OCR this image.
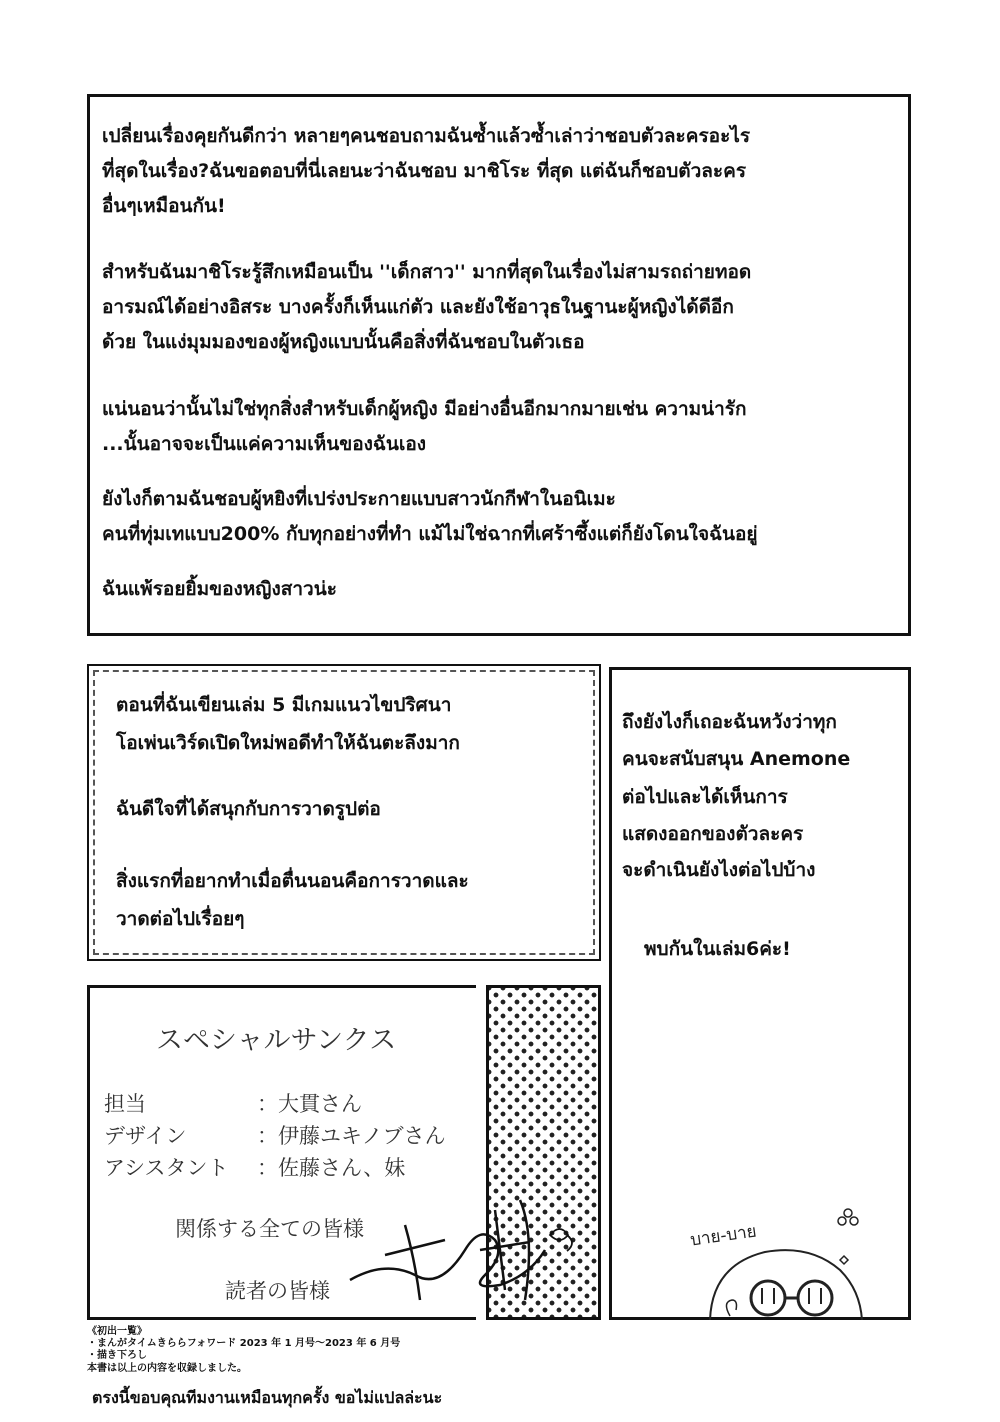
เปลี่ยนเรื่องคุยกันดีกว่า หลายๆคนชอบถามฉันซ้ำแล้วซ้ำเล่าว่าชอบตัวละครอะไร

ที่สุดในเรื่อง?ฉันขอตอบที่นี่เลยนะว่าฉันชอบ มาชิโระ ที่สุด แต่ฉันก็ชอบตัวละคร

อื่นๆเหมือนกัน!

สำหรับฉันมาชิโระรู้สึกเหมือนเป็น ''เด็กสาว'' มากที่สุดในเรื่องไม่สามรถถ่ายทอด

อารมณ์ได้อย่างอิสระ บางครั้งก็เห็นแก่ตัว และยังใช้อาวุธในฐานะผู้หญิงได้ดีอีก

ด้วย ในแง่มุมมองของผู้หญิงแบบนั้นคือสิ่งที่ฉันชอบในตัวเธอ

แน่นอนว่านั้นไม่ใช่ทุกสิ่งสำหรับเด็กผู้หญิง มีอย่างอื่นอีกมากมายเช่น ความน่ารัก

...นั้นอาจจะเป็นแค่ความเห็นของฉันเอง

ยังไงก็ตามฉันชอบผู้หยิงที่เปร่งประกายแบบสาวนักกีฬาในอนิเมะ

คนที่ทุ่มเทแบบ200% กับทุกอย่างที่ทำ แม้ไม่ใช่ฉากที่เศร้าซึ้งแต่ก็ยังโดนใจฉันอยู่

ฉันแพ้รอยยิ้มของหญิงสาวน่ะ

ตอนที่ฉันเขียนเล่ม 5 มีเกมแนวไขปริศนา

โอเพ่นเวิร์ดเปิดใหม่พอดีทำให้ฉันตะลึงมาก

ฉันดีใจที่ได้สนุกกับการวาดรูปต่อ

สิ่งแรกที่อยากทำเมื่อตื่นนอนคือการวาดและ

วาดต่อไปเรื่อยๆ

ถึงยังไงก็เถอะฉันหวังว่าทุก

คนจะสนับสนุน Anemone

ต่อไปและได้เห็นการ

แสดงออกของตัวละคร

จะดำเนินยังไงต่อไปบ้าง

พบกันในเล่ม6ค่ะ!

บาย-บาย
スペシャルサンクス
担当	：大貫さん
デザイン	：伊藤ユキノブさん
アシスタント ：佐藤さん、妹
関係する全ての皆様
読者の皆様
《初出一覧》
・まんがタイムきららフォワード 2023 年 1 月号〜2023 年 6 月号
・描き下ろし
本書は以上の内容を収録しました。

ตรงนี้ขอบคุณทีมงานเหมือนทุกครั้ง ขอไม่แปลล่ะนะ
